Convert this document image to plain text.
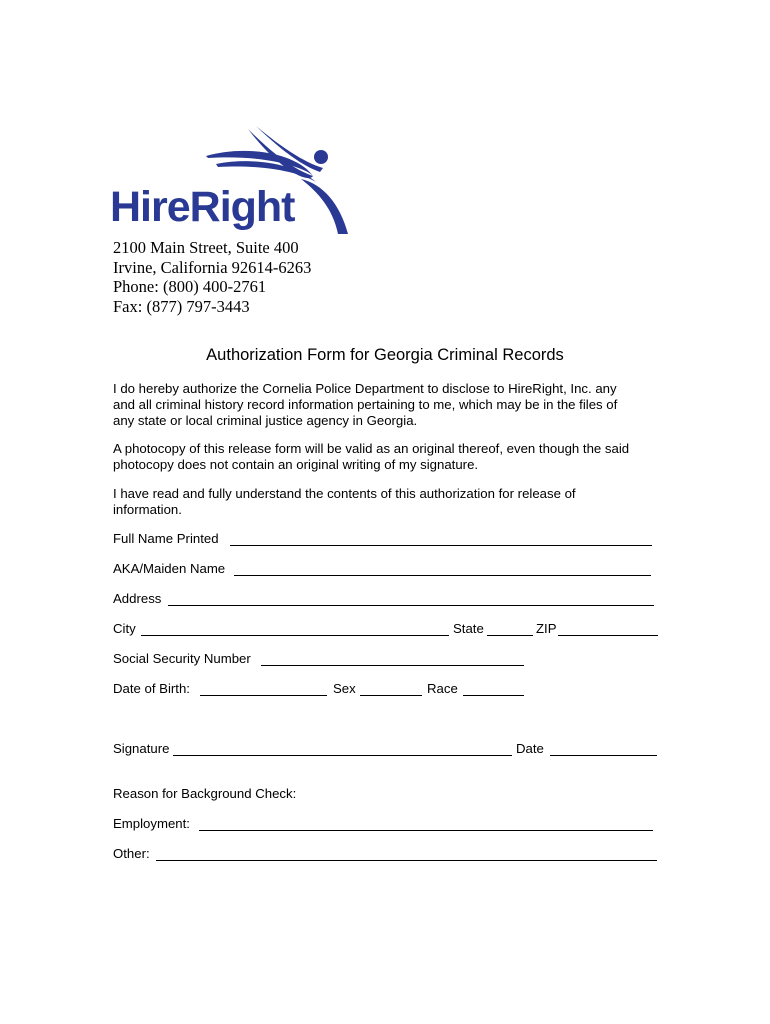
HireRight
2100 Main Street, Suite 400
Irvine, California 92614-6263
Phone: (800) 400-2761
Fax: (877) 797-3443
Authorization Form for Georgia Criminal Records
I do hereby authorize the Cornelia Police Department to disclose to HireRight, Inc. any
and all criminal history record information pertaining to me, which may be in the files of
any state or local criminal justice agency in Georgia.
A photocopy of this release form will be valid as an original thereof, even though the said
photocopy does not contain an original writing of my signature.
I have read and fully understand the contents of this authorization for release of
information.
Full Name Printed
AKA/Maiden Name
Address
City	State	ZIP
Social Security Number
Date of Birth:	Sex	Race
Signature	Date
Reason for Background Check:
Employment:
Other:
